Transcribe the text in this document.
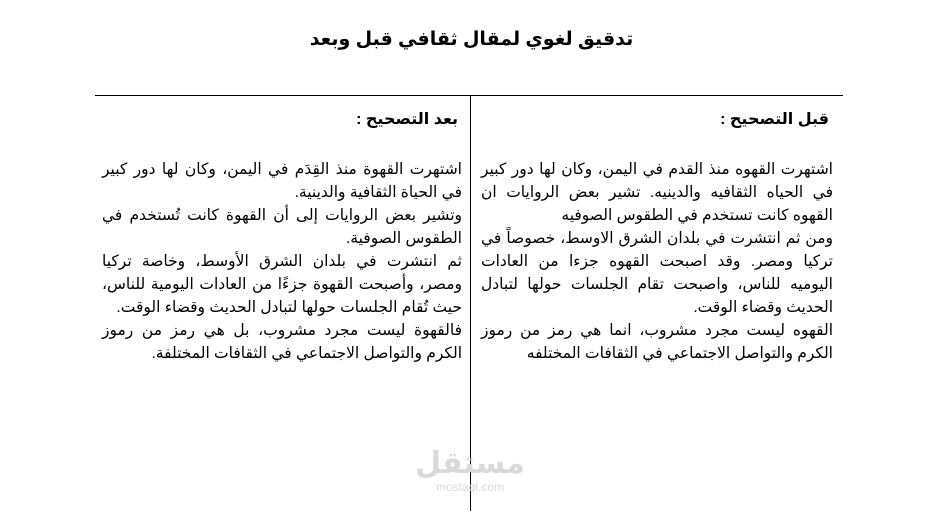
تدقيق لغوي لمقال ثقافي قبل وبعد
قبل التصحيح :

اشتهرت القهوه منذ القدم في اليمن، وكان لها دور كبير في الحياه الثقافيه والدينيه. تشير بعض الروايات ان القهوه كانت تستخدم في الطقوس الصوفيه

ومن ثم انتشرت في بلدان الشرق الاوسط، خصوصاً في تركيا ومصر. وقد اصبحت القهوه جزءا من العادات اليوميه للناس، واصبحت تقام الجلسات حولها لتبادل الحديث وقضاء الوقت.

القهوه ليست مجرد مشروب، انما هي رمز من رموز الكرم والتواصل الاجتماعي في الثقافات المختلفه

بعد التصحيح :

اشتهرت القهوة منذ القِدَم في اليمن، وكان لها دور كبير في الحياة الثقافية والدينية.

وتشير بعض الروايات إلى أن القهوة كانت تُستخدم في الطقوس الصوفية.

ثم انتشرت في بلدان الشرق الأوسط، وخاصة تركيا ومصر، وأصبحت القهوة جزءًا من العادات اليومية للناس، حيث تُقام الجلسات حولها لتبادل الحديث وقضاء الوقت.

فالقهوة ليست مجرد مشروب، بل هي رمز من رموز الكرم والتواصل الاجتماعي في الثقافات المختلفة.

مستقل
mostaql.com
